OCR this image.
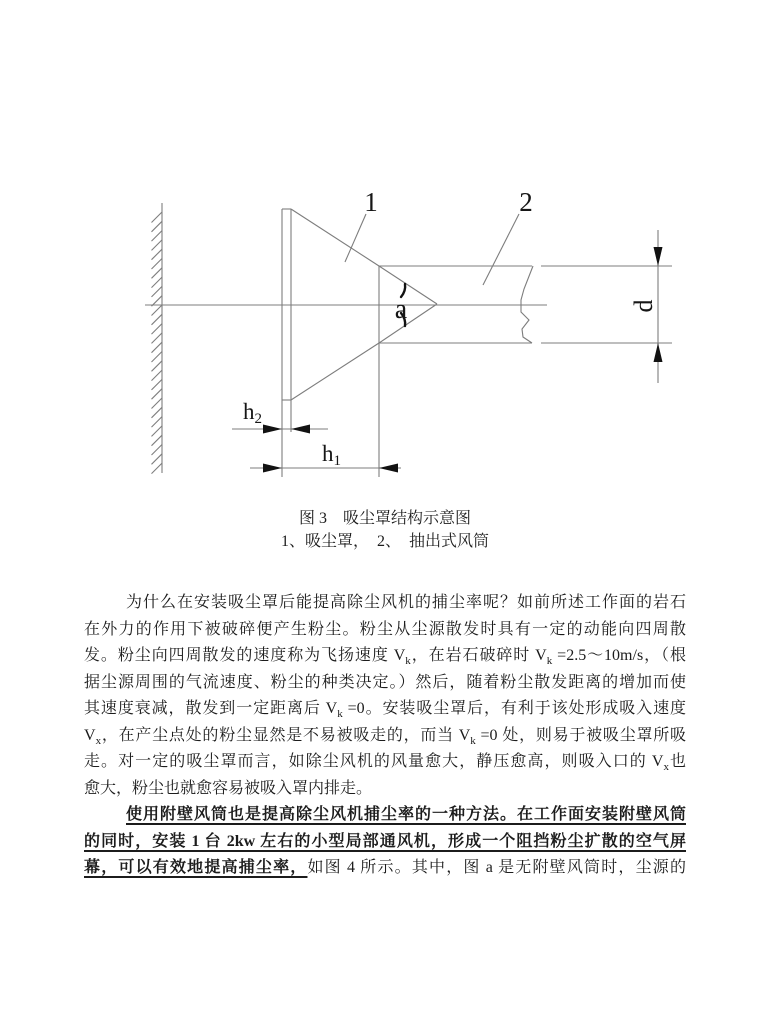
d
h2
h1
a
1	2
图 3　吸尘罩结构示意图
1、吸尘罩，　2、　抽出式风筒
为什么在安装吸尘罩后能提高除尘风机的捕尘率呢？如前所述工作面的岩石
在外力的作用下被破碎便产生粉尘。粉尘从尘源散发时具有一定的动能向四周散
发。粉尘向四周散发的速度称为飞扬速度 $V_k$，在岩石破碎时 $V_k$ =2.5～10m/s，（根
据尘源周围的气流速度、粉尘的种类决定。）然后，随着粉尘散发距离的增加而使
其速度衰减，散发到一定距离后 $V_k =0$。安装吸尘罩后，有利于该处形成吸入速度
$V_x$，在产尘点处的粉尘显然是不易被吸走的，而当 $V_k =0$ 处，则易于被吸尘罩所吸
走。对一定的吸尘罩而言，如除尘风机的风量愈大，静压愈高，则吸入口的 $V_x$也
愈大，粉尘也就愈容易被吸入罩内排走。
使用附壁风筒也是提高除尘风机捕尘率的一种方法。在工作面安装附壁风筒
的同时，安装 1 台 2kw 左右的小型局部通风机，形成一个阻挡粉尘扩散的空气屏
幕，可以有效地提高捕尘率，如图 4 所示。其中，图 a 是无附壁风筒时，尘源的
